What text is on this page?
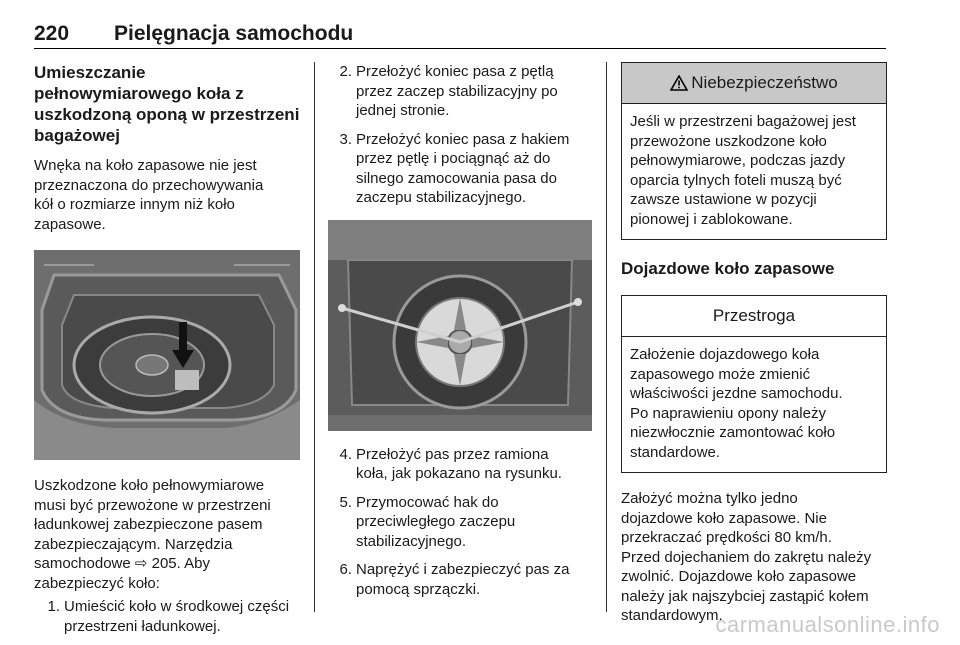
220 Pielęgnacja samochodu
Umieszczanie
pełnowymiarowego koła z
uszkodzoną oponą w przestrzeni
bagażowej

Wnęka na koło zapasowe nie jest
przeznaczona do przechowywania
kół o rozmiarze innym niż koło
zapasowe.

Uszkodzone koło pełnowymiarowe
musi być przewożone w przestrzeni
ładunkowej zabezpieczone pasem
zabezpieczającym. Narzędzia
samochodowe ⇨ 205. Aby
zabezpieczyć koło:

1. Umieścić koło w środkowej części
przestrzeni ładunkowej.
2. Przełożyć koniec pasa z pętlą
przez zaczep stabilizacyjny po
jednej stronie.
3. Przełożyć koniec pasa z hakiem
przez pętlę i pociągnąć aż do
silnego zamocowania pasa do
zaczepu stabilizacyjnego.
4. Przełożyć pas przez ramiona
koła, jak pokazano na rysunku.
5. Przymocować hak do
przeciwległego zaczepu
stabilizacyjnego.
6. Naprężyć i zabezpieczyć pas za
pomocą sprzączki.
Niebezpieczeństwo
Jeśli w przestrzeni bagażowej jest
przewożone uszkodzone koło
pełnowymiarowe, podczas jazdy
oparcia tylnych foteli muszą być
zawsze ustawione w pozycji
pionowej i zablokowane.
Dojazdowe koło zapasowe
Przestroga
Założenie dojazdowego koła
zapasowego może zmienić
właściwości jezdne samochodu.
Po naprawieniu opony należy
niezwłocznie zamontować koło
standardowe.

Założyć można tylko jedno
dojazdowe koło zapasowe. Nie
przekraczać prędkości 80 km/h.
Przed dojechaniem do zakrętu należy
zwolnić. Dojazdowe koło zapasowe
należy jak najszybciej zastąpić kołem
standardowym.

carmanualsonline.info
